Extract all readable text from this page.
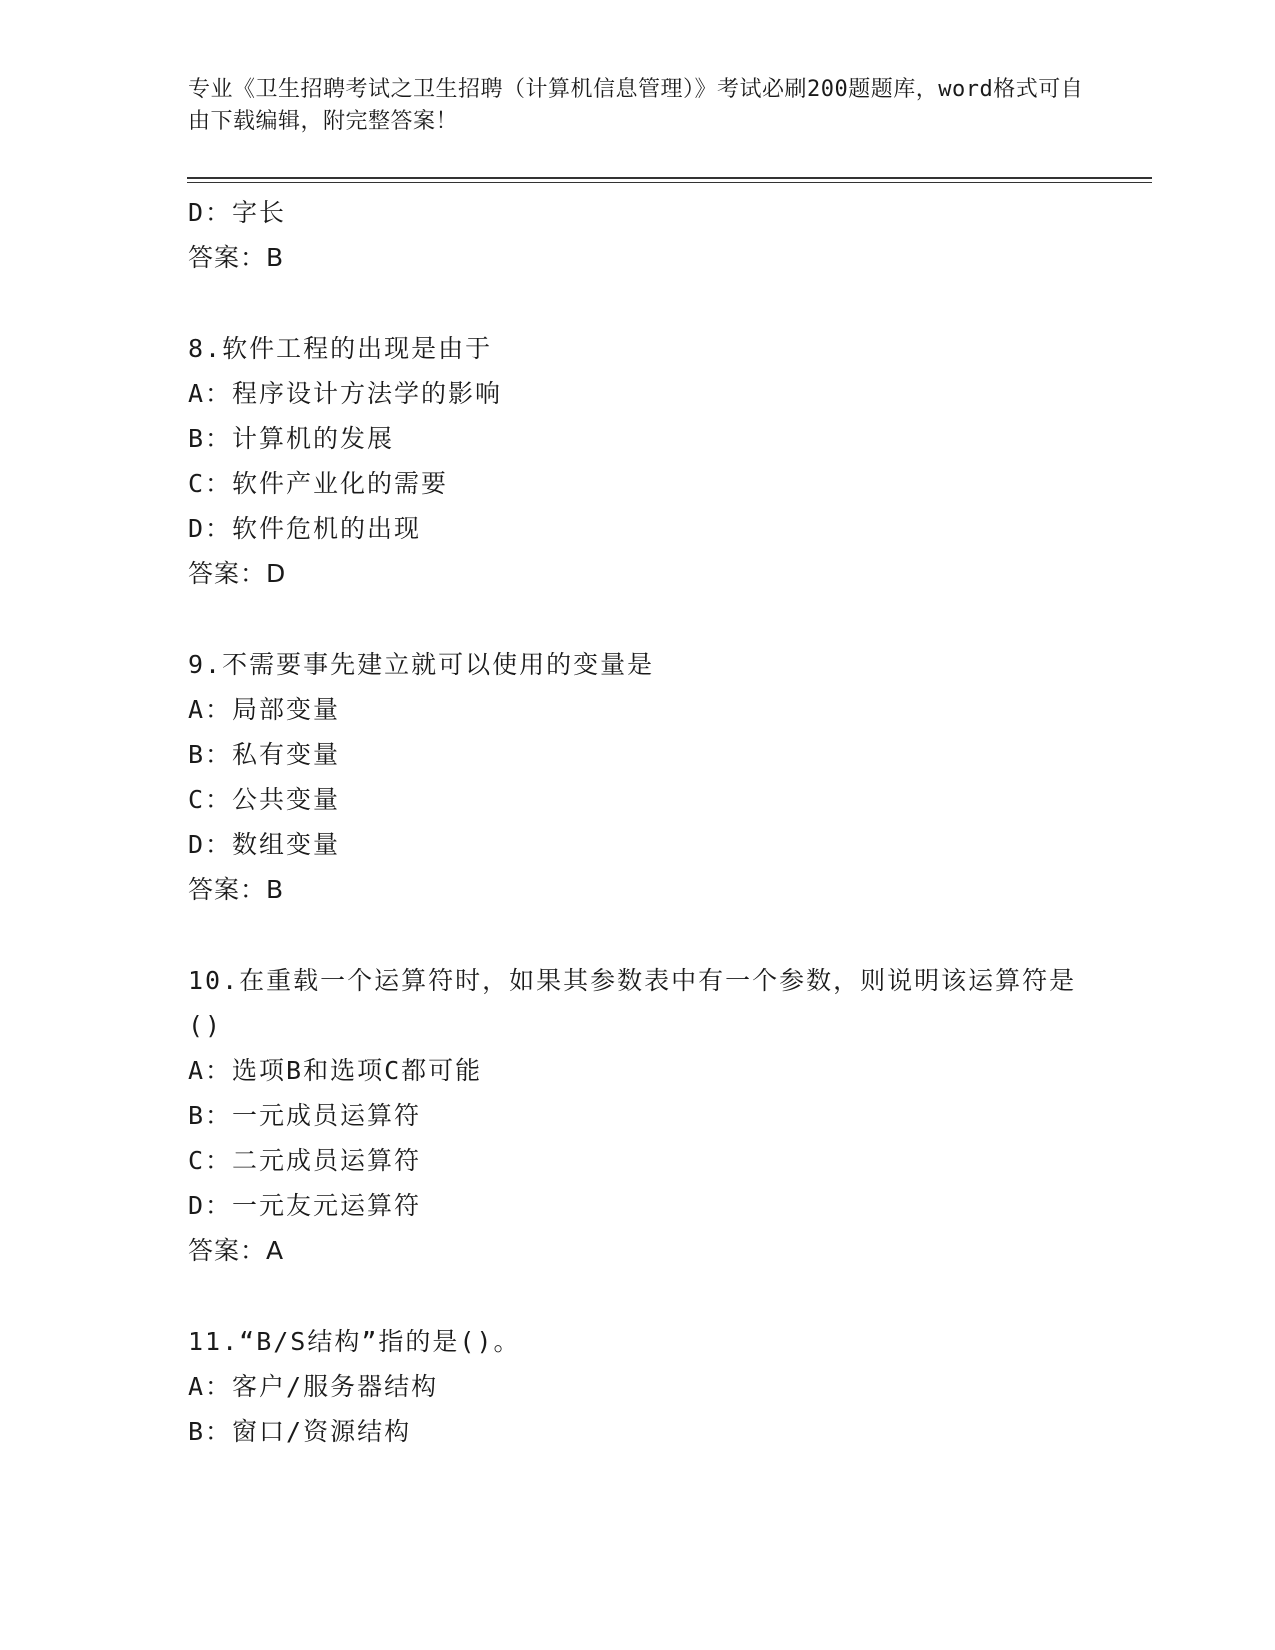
专业《卫生招聘考试之卫生招聘（计算机信息管理）》考试必刷200题题库，word格式可自由下载编辑，附完整答案！
D：字长
答案：B
8.软件工程的出现是由于
A：程序设计方法学的影响
B：计算机的发展
C：软件产业化的需要
D：软件危机的出现
答案：D
9.不需要事先建立就可以使用的变量是
A：局部变量
B：私有变量
C：公共变量
D：数组变量
答案：B
10.在重载一个运算符时，如果其参数表中有一个参数，则说明该运算符是()
A：选项B和选项C都可能
B：一元成员运算符
C：二元成员运算符
D：一元友元运算符
答案：A
11.“B/S结构”指的是()。
A：客户/服务器结构
B：窗口/资源结构
